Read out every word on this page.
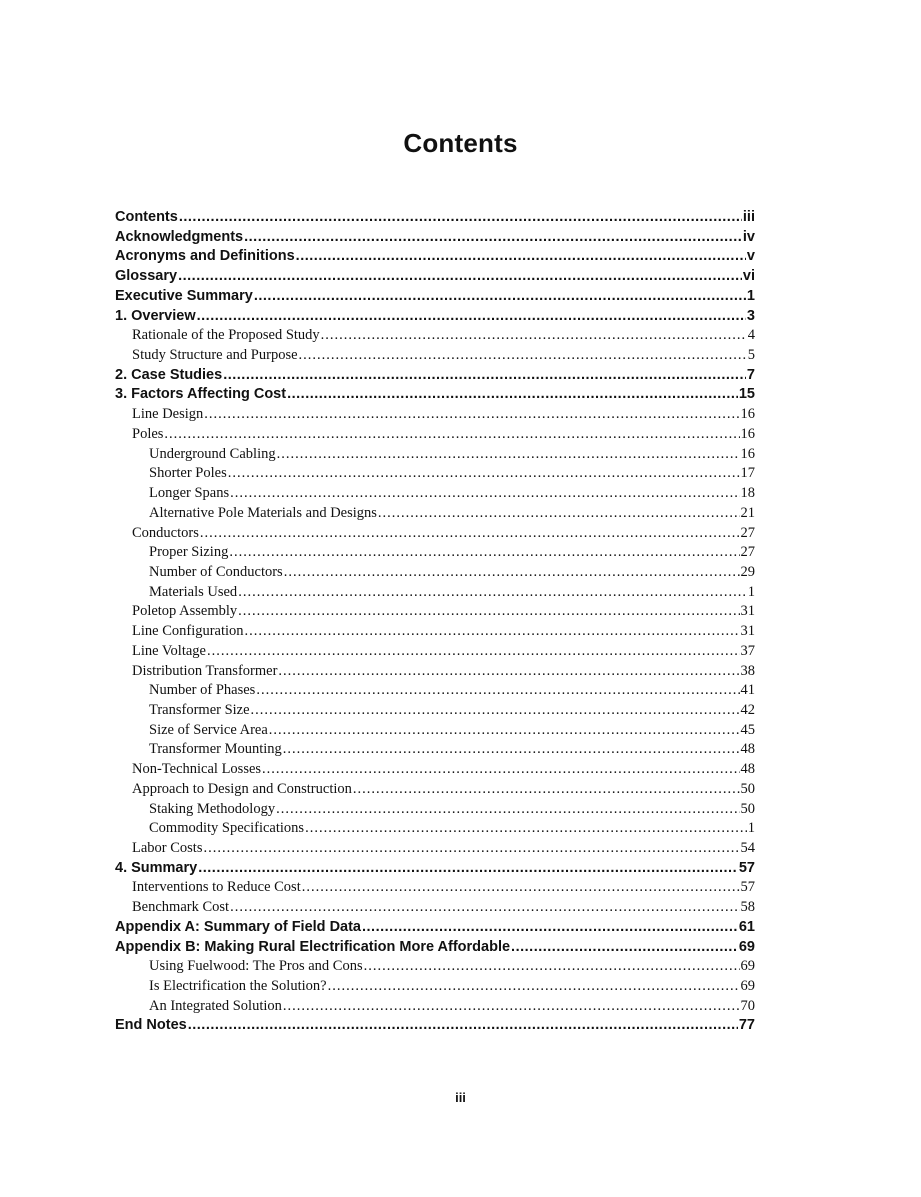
Contents
Contents .....	iii
Acknowledgments .....	iv
Acronyms and Definitions .....	v
Glossary .....	vi
Executive Summary .....	1
1. Overview .....	3
Rationale of the Proposed Study .....	4
Study Structure and Purpose .....	5
2. Case Studies .....	7
3. Factors Affecting Cost .....	15
Line Design .....	16
Poles .....	16
Underground Cabling .....	16
Shorter Poles .....	17
Longer Spans .....	18
Alternative Pole Materials and Designs .....	21
Conductors .....	27
Proper Sizing .....	27
Number of Conductors .....	29
Materials Used .....	1
Poletop Assembly .....	31
Line Configuration .....	31
Line Voltage .....	37
Distribution Transformer .....	38
Number of Phases .....	41
Transformer Size .....	42
Size of Service Area .....	45
Transformer Mounting .....	48
Non-Technical Losses .....	48
Approach to Design and Construction .....	50
Staking Methodology .....	50
Commodity Specifications .....	1
Labor Costs .....	54
4. Summary .....	57
Interventions to Reduce Cost .....	57
Benchmark Cost .....	58
Appendix A: Summary of Field Data .....	61
Appendix B: Making Rural Electrification More Affordable .....	69
Using Fuelwood: The Pros and Cons .....	69
Is Electrification the Solution? .....	69
An Integrated Solution .....	70
End Notes .....	77
iii
